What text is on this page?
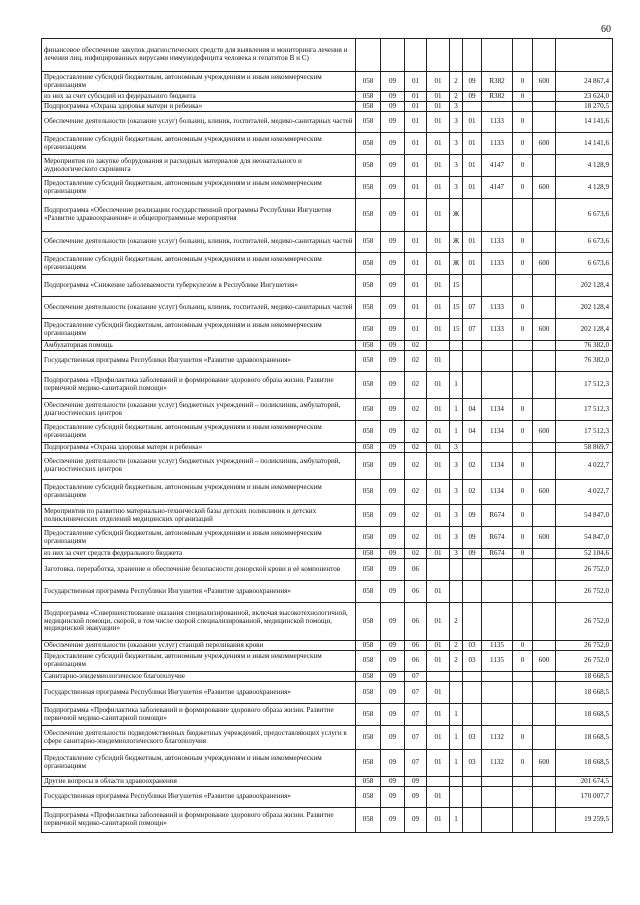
60
финансовое обеспечение закупок диагностических средств для выявления и мониторинга лечения и лечения лиц, инфицированных вирусами иммунодефицита человека и гепатитов В и С)										
Предоставление субсидий бюджетным, автономным учреждениям и иным некоммерческим организациям	058	09	01	01	2	09	R382	0	600	24 867,4
из них за счет субсидий из федерального бюджета	058	09	01	01	2	09	R382	0		23 624,0
Подпрограмма «Охрана здоровья матери и ребенка»	058	09	01	01	3					18 270,5
Обеспечение деятельности (оказание услуг) больниц, клиник, госпиталей, медико-санитарных частей	058	09	01	01	3	01	1133	0		14 141,6
Предоставление субсидий бюджетным, автономным учреждениям и иным некоммерческим организациям	058	09	01	01	3	01	1133	0	600	14 141,6
Мероприятия по закупке оборудования и расходных материалов для неонатального и аудиологического скрининга	058	09	01	01	3	01	4147	0		4 128,9
Предоставление субсидий бюджетным, автономным учреждениям и иным некоммерческим организациям	058	09	01	01	3	01	4147	0	600	4 128,9
Подпрограмма «Обеспечение реализации государственной программы Республики Ингушетия «Развитие здравоохранения» и общепрограммные мероприятия	058	09	01	01	Ж					6 673,6
Обеспечение деятельности (оказание услуг) больниц, клиник, госпиталей, медико-санитарных частей	058	09	01	01	Ж	01	1133	0		6 673,6
Предоставление субсидий бюджетным, автономным учреждениям и иным некоммерческим организациям	058	09	01	01	Ж	01	1133	0	600	6 673,6
Подпрограмма «Снижение заболеваемости туберкулезом в Республике Ингушетия»	058	09	01	01	15					202 128,4
Обеспечение деятельности (оказание услуг) больниц, клиник, госпиталей, медико-санитарных частей	058	09	01	01	15	07	1133	0		202 128,4
Предоставление субсидий бюджетным, автономным учреждениям и иным некоммерческим организациям	058	09	01	01	15	07	1133	0	600	202 128,4
Амбулаторная помощь	058	09	02							76 382,0
Государственная программа Республики Ингушетия «Развитие здравоохранения»	058	09	02	01						76 382,0
Подпрограмма «Профилактика заболеваний и формирование здорового образа жизни. Развитие первичной медико-санитарной помощи»	058	09	02	01	1					17 512,3
Обеспечение деятельности (оказание услуг) бюджетных учреждений – поликлиник, амбулаторий, диагностических центров	058	09	02	01	1	04	1134	0		17 512,3
Предоставление субсидий бюджетным, автономным учреждениям и иным некоммерческим организациям	058	09	02	01	1	04	1134	0	600	17 512,3
Подпрограмма «Охрана здоровья матери и ребенка»	058	09	02	01	3					58 869,7
Обеспечение деятельности (оказание услуг) бюджетных учреждений – поликлиник, амбулаторий, диагностических центров	058	09	02	01	3	02	1134	0		4 022,7
Предоставление субсидий бюджетным, автономным учреждениям и иным некоммерческим организациям	058	09	02	01	3	02	1134	0	600	4 022,7
Мероприятия по развитию материально-технической базы детских поликлиник и детских поликлинических отделений медицинских организаций	058	09	02	01	3	09	R674	0		54 847,0
Предоставление субсидий бюджетным, автономным учреждениям и иным некоммерческим организациям	058	09	02	01	3	09	R674	0	600	54 847,0
из них за счет средств федерального бюджета	058	09	02	01	3	09	R674	0		52 104,6
Заготовка, переработка, хранение и обеспечение безопасности донорской крови и её компонентов	058	09	06							26 752,0
Государственная программа Республики Ингушетия «Развитие здравоохранения»	058	09	06	01						26 752,0
Подпрограмма «Совершенствование оказания специализированной, включая высокотехнологичной, медицинской помощи, скорой, в том числе скорой специализированной, медицинской помощи, медицинской эвакуации»	058	09	06	01	2					26 752,0
Обеспечение деятельности (оказание услуг) станций переливания крови	058	09	06	01	2	03	1135	0		26 752,0
Предоставление субсидий бюджетным, автономным учреждениям и иным некоммерческим организациям	058	09	06	01	2	03	1135	0	600	26 752,0
Санитарно-эпидемиологическое благополучие	058	09	07							18 668,5
Государственная программа Республики Ингушетия «Развитие здравоохранения»	058	09	07	01						18 668,5
Подпрограмма «Профилактика заболеваний и формирование здорового образа жизни. Развитие первичной медико-санитарной помощи»	058	09	07	01	1					18 668,5
Обеспечение деятельности подведомственных бюджетных учреждений, предоставляющих услуги в сфере санитарно-эпидемиологического благополучия	058	09	07	01	1	03	1132	0		18 668,5
Предоставление субсидий бюджетным, автономным учреждениям и иным некоммерческим организациям	058	09	07	01	1	03	1132	0	600	18 668,5
Другие вопросы в области здравоохранения	058	09	09							201 674,5
Государственная программа Республики Ингушетия «Развитие здравоохранения»	058	09	09	01						170 007,7
Подпрограмма «Профилактика заболеваний и формирование здорового образа жизни. Развитие первичной медико-санитарной помощи»	058	09	09	01	1					19 259,5
